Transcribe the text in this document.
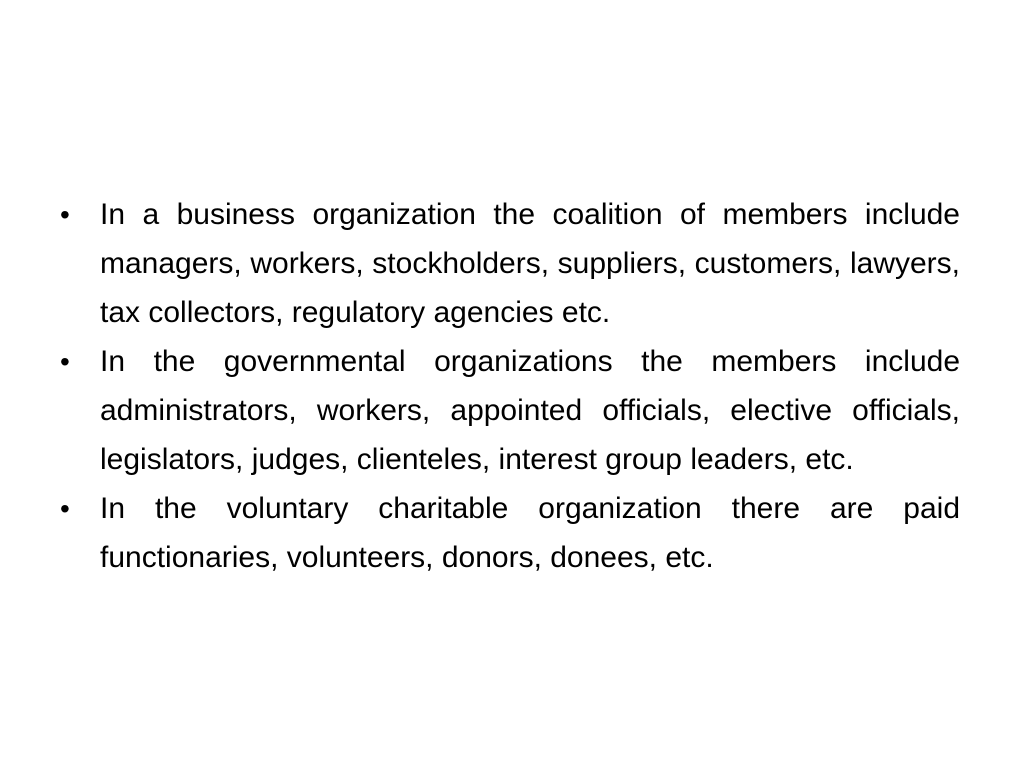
•	In a business organization the coalition of members include managers, workers, stockholders, suppliers, customers, lawyers, tax collectors, regulatory agencies etc.
•	In the governmental organizations the members include administrators, workers, appointed officials, elective officials, legislators, judges, clienteles, interest group leaders, etc.
•	In the voluntary charitable organization there are paid functionaries, volunteers, donors, donees, etc.
